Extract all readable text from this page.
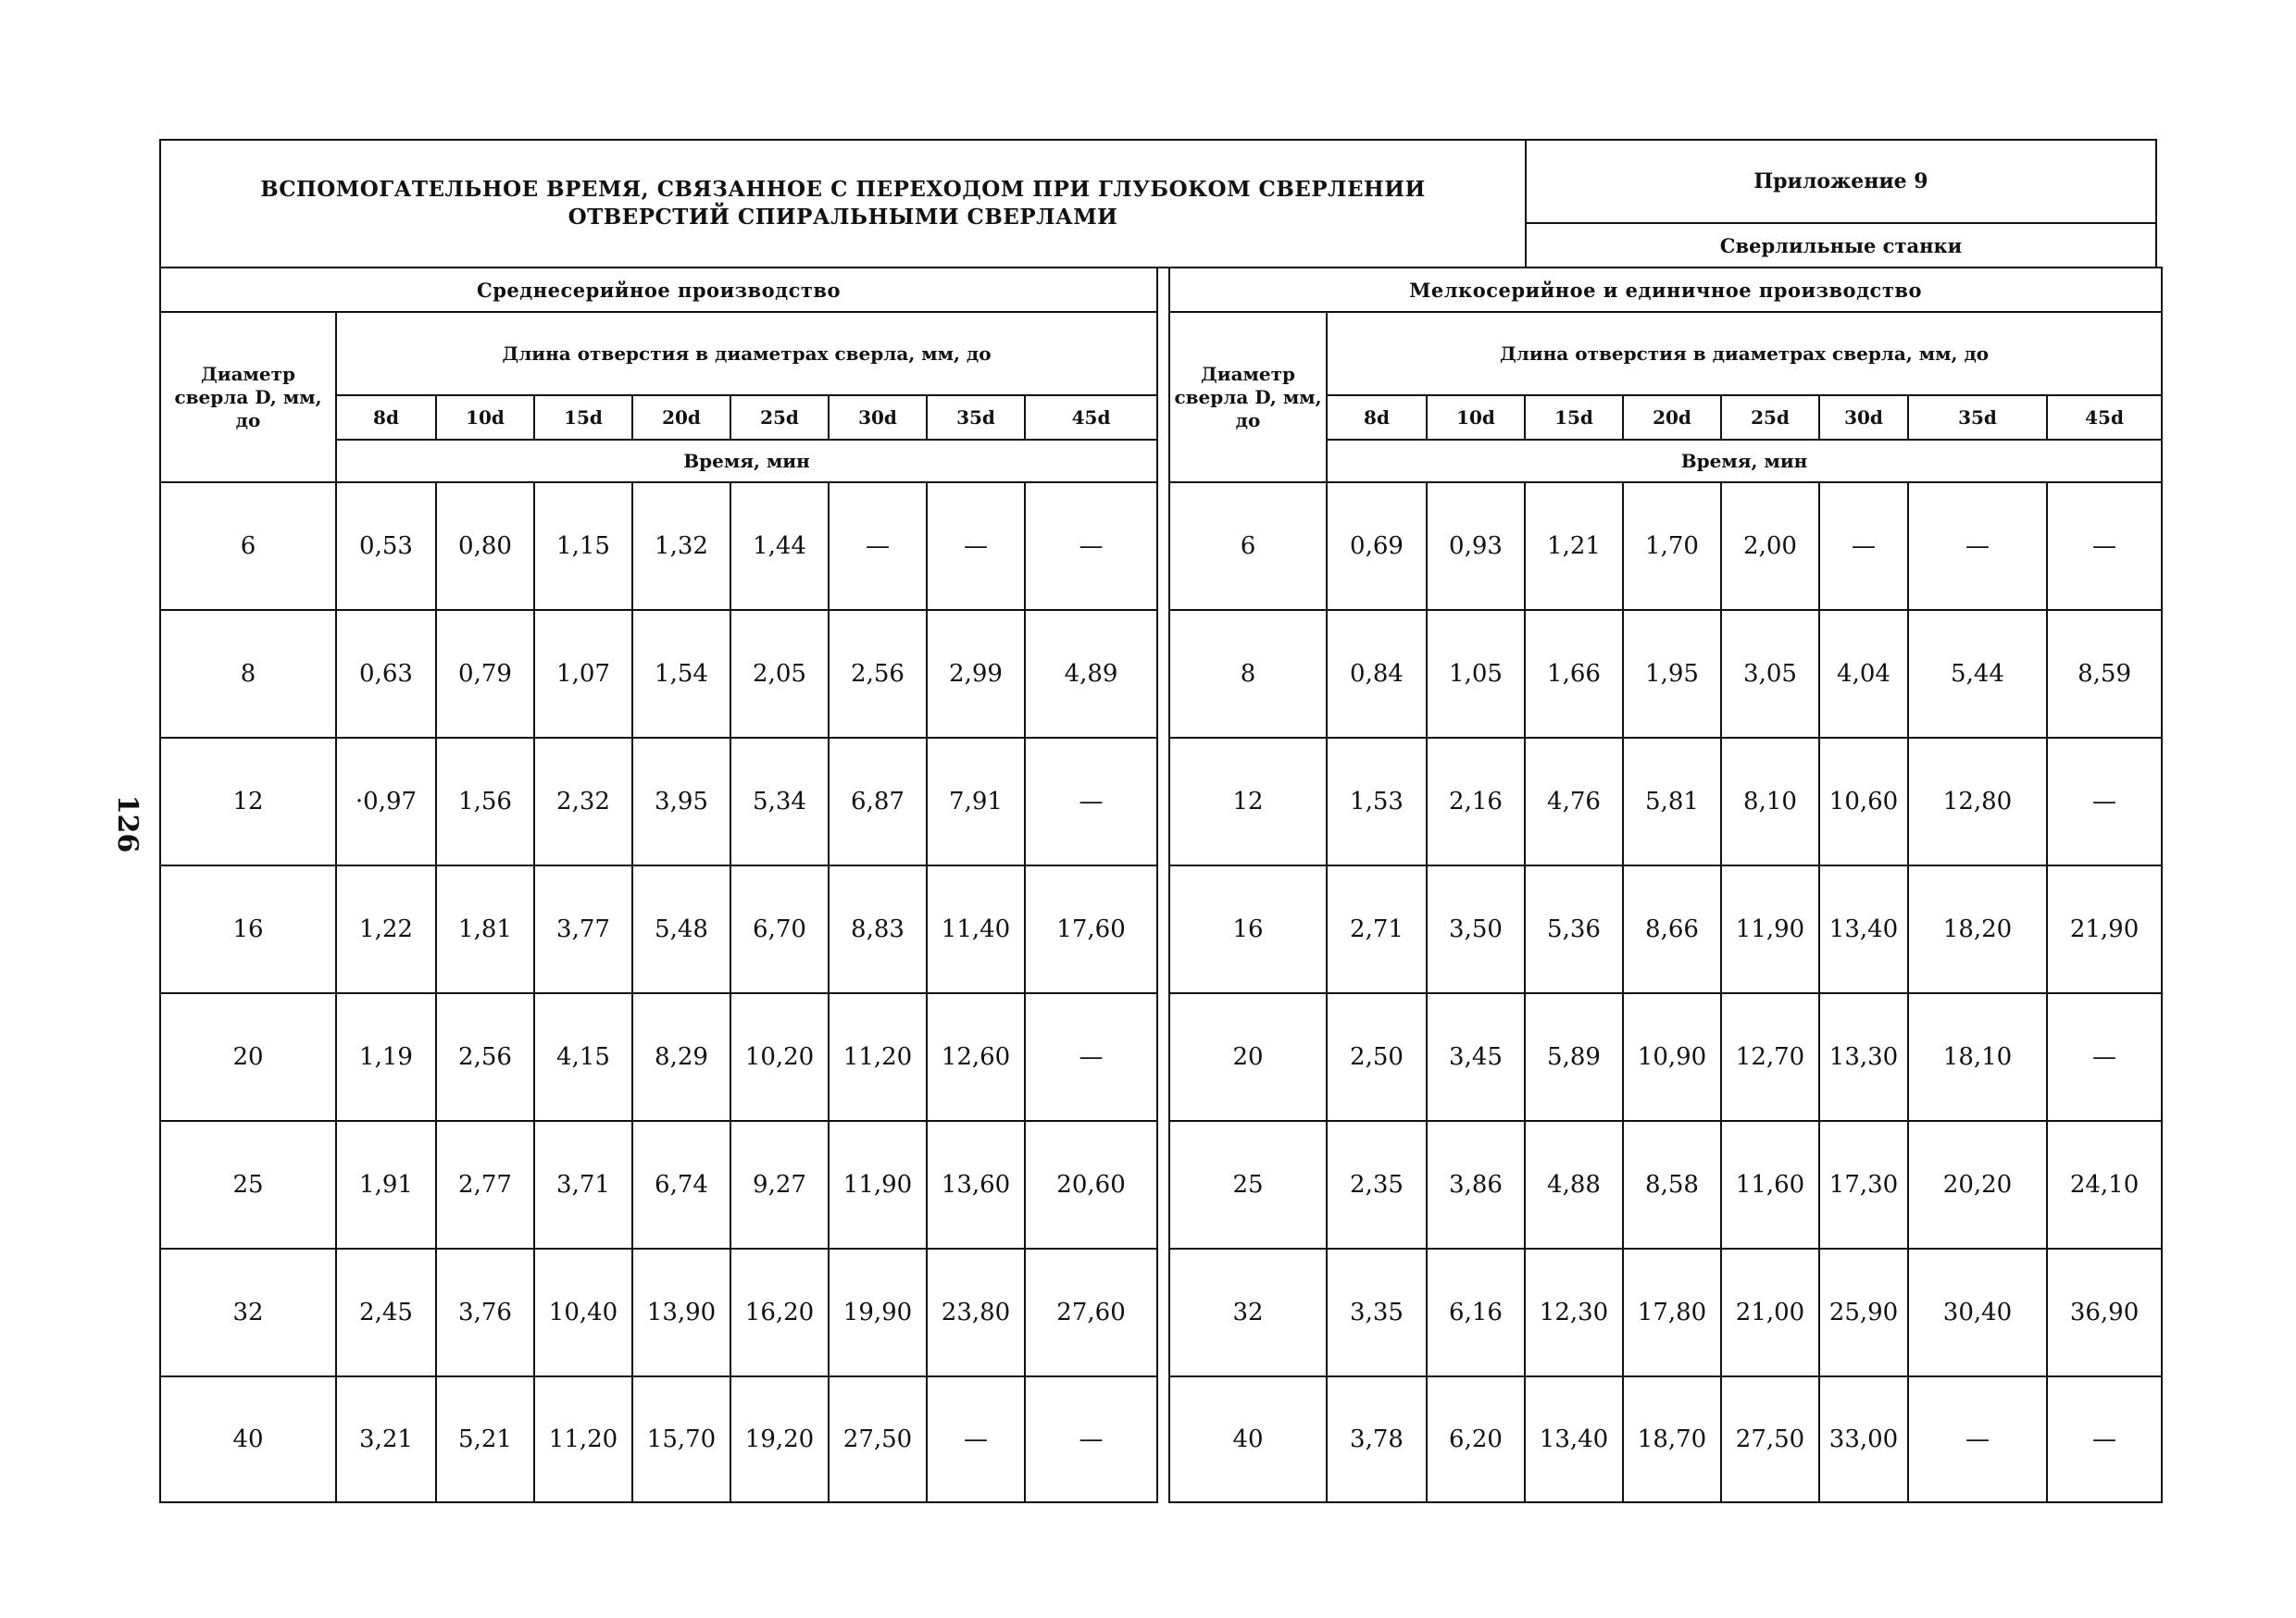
126
ВСПОМОГАТЕЛЬНОЕ ВРЕМЯ, СВЯЗАННОЕ С ПЕРЕХОДОМ ПРИ ГЛУБОКОМ СВЕРЛЕНИИ
ОТВЕРСТИЙ СПИРАЛЬНЫМИ СВЕРЛАМИ
Приложение 9
Сверлильные станки
Среднесерийное производство								
Диаметр сверла D, мм, до	Длина отверстия в диаметрах сверла, мм, до							
	8d	10d	15d	20d	25d	30d	35d	45d
	Время, мин							
6	0,53	0,80	1,15	1,32	1,44	—	—	—
8	0,63	0,79	1,07	1,54	2,05	2,56	2,99	4,89
12	·0,97	1,56	2,32	3,95	5,34	6,87	7,91	—
16	1,22	1,81	3,77	5,48	6,70	8,83	11,40	17,60
20	1,19	2,56	4,15	8,29	10,20	11,20	12,60	—
25	1,91	2,77	3,71	6,74	9,27	11,90	13,60	20,60
32	2,45	3,76	10,40	13,90	16,20	19,90	23,80	27,60
40	3,21	5,21	11,20	15,70	19,20	27,50	—	—
Мелкосерийное и единичное производство								
Диаметр сверла D, мм, до	Длина отверстия в диаметрах сверла, мм, до							
	8d	10d	15d	20d	25d	30d	35d	45d
	Время, мин							
6	0,69	0,93	1,21	1,70	2,00	—	—	—
8	0,84	1,05	1,66	1,95	3,05	4,04	5,44	8,59
12	1,53	2,16	4,76	5,81	8,10	10,60	12,80	—
16	2,71	3,50	5,36	8,66	11,90	13,40	18,20	21,90
20	2,50	3,45	5,89	10,90	12,70	13,30	18,10	—
25	2,35	3,86	4,88	8,58	11,60	17,30	20,20	24,10
32	3,35	6,16	12,30	17,80	21,00	25,90	30,40	36,90
40	3,78	6,20	13,40	18,70	27,50	33,00	—	—
